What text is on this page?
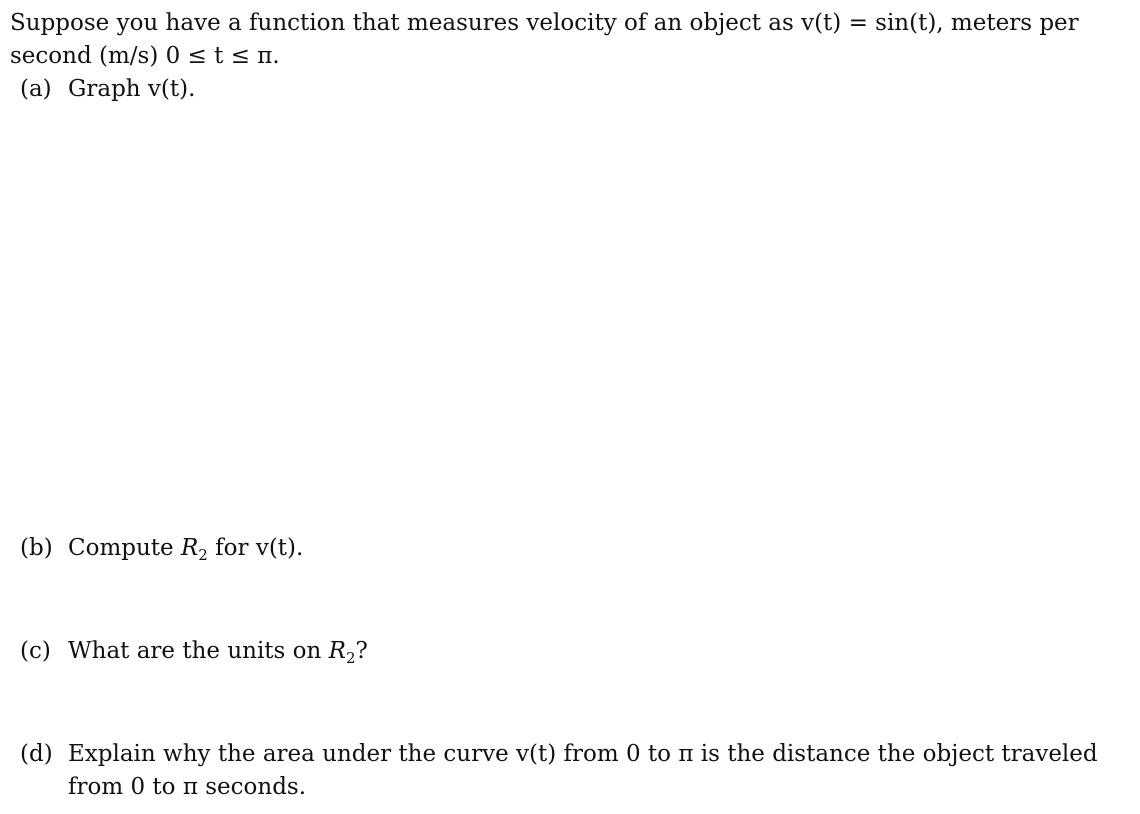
Suppose you have a function that measures velocity of an object as v(t) = sin(t), meters per
second (m/s) 0 ≤ t ≤ π.
(a) Graph v(t).
(b) Compute $R_2$ for v(t).
(c) What are the units on $R_2$?
(d) Explain why the area under the curve v(t) from 0 to π is the distance the object traveled
from 0 to π seconds.
